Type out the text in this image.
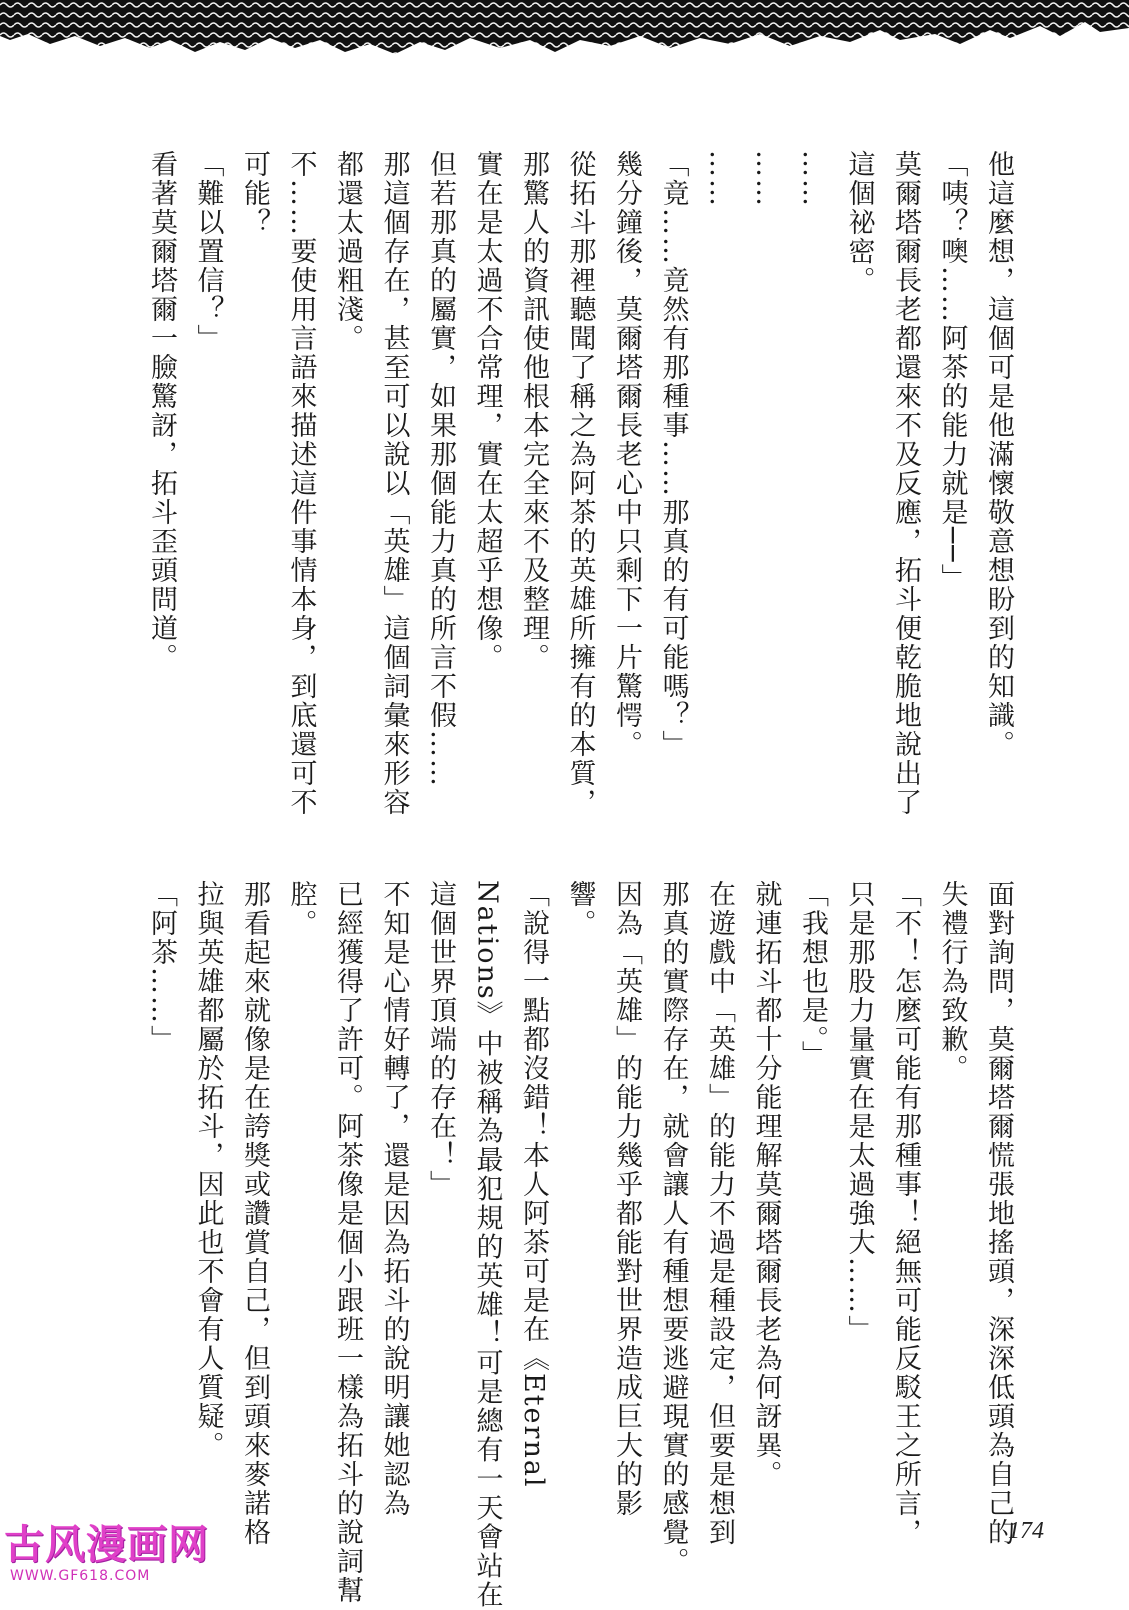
他這麼想，這個可是他滿懷敬意想盼到的知識。
「咦？噢……阿茶的能力就是──」
莫爾塔爾長老都還來不及反應，拓斗便乾脆地說出了
這個祕密。
……
……
……
「竟……竟然有那種事……那真的有可能嗎？」
幾分鐘後，莫爾塔爾長老心中只剩下一片驚愕。
從拓斗那裡聽聞了稱之為阿茶的英雄所擁有的本質，
那驚人的資訊使他根本完全來不及整理。
實在是太過不合常理，實在太超乎想像。
但若那真的屬實，如果那個能力真的所言不假……
那這個存在，甚至可以說以「英雄」這個詞彙來形容
都還太過粗淺。
不……要使用言語來描述這件事情本身，到底還可不
可能？
「難以置信？」
看著莫爾塔爾一臉驚訝，拓斗歪頭問道。
面對詢問，莫爾塔爾慌張地搖頭，深深低頭為自己的
失禮行為致歉。
「不！怎麼可能有那種事！絕無可能反駁王之所言，
只是那股力量實在是太過強大……」
「我想也是。」
就連拓斗都十分能理解莫爾塔爾長老為何訝異。
在遊戲中「英雄」的能力不過是種設定，但要是想到
那真的實際存在，就會讓人有種想要逃避現實的感覺。
因為「英雄」的能力幾乎都能對世界造成巨大的影
響。
「說得一點都沒錯！本人阿茶可是在《Eternal
Nations》中被稱為最犯規的英雄！可是總有一天會站在
這個世界頂端的存在！」
不知是心情好轉了，還是因為拓斗的說明讓她認為
已經獲得了許可。阿茶像是個小跟班一樣為拓斗的說詞幫
腔。
那看起來就像是在誇獎或讚賞自己，但到頭來麥諾格
拉與英雄都屬於拓斗，因此也不會有人質疑。
「阿茶……」
174
古风漫画网
WWW.GF618.COM
